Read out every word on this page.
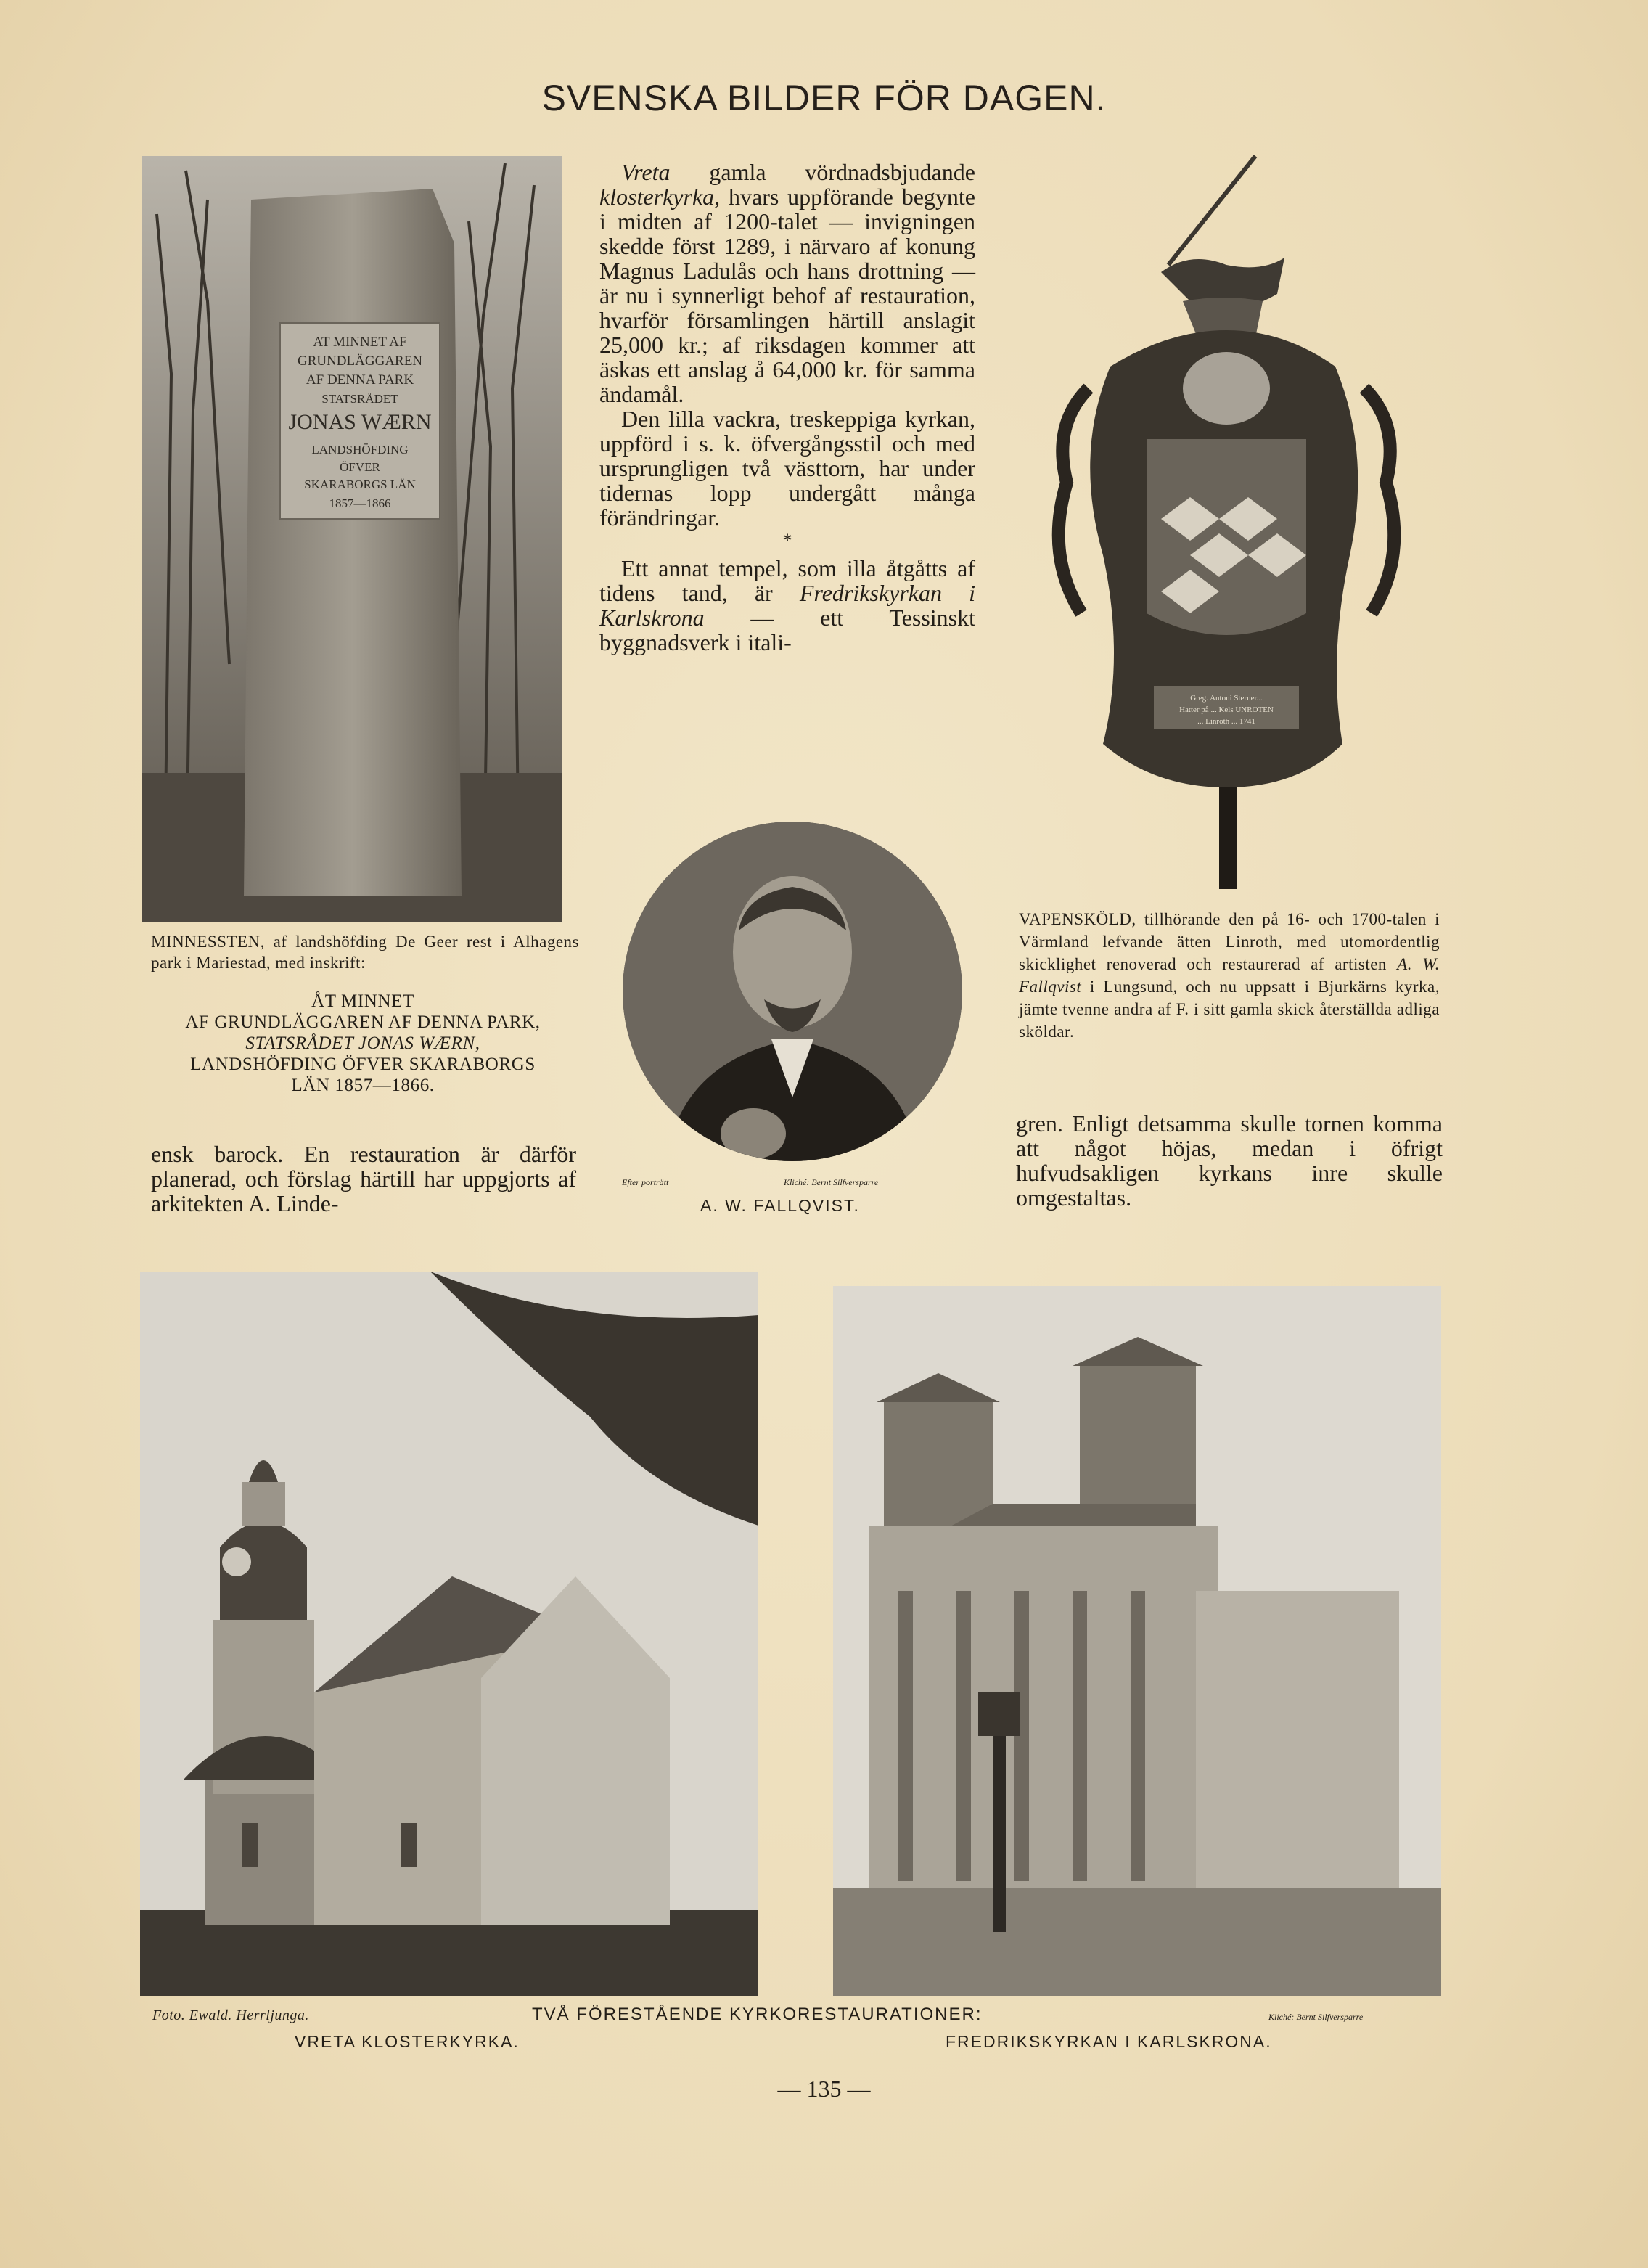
SVENSKA BILDER FÖR DAGEN.
AT MINNET AF
GRUNDLÄGGAREN
AF DENNA PARK
STATSRÅDET
JONAS WÆRN
LANDSHÖFDING
ÖFVER
SKARABORGS LÄN
1857—1866
MINNESSTEN, af landshöfding De Geer rest i Alhagens park i Mariestad, med inskrift:
ÅT MINNET
AF GRUNDLÄGGAREN AF DENNA PARK,
STATSRÅDET JONAS WÆRN,
LANDSHÖFDING ÖFVER SKARABORGS
LÄN 1857—1866.

Vreta gamla vördnadsbjudande klosterkyrka, hvars uppförande begynte i midten af 1200-talet — invigningen skedde först 1289, i närvaro af konung Magnus Ladulås och hans drottning — är nu i synnerligt behof af restauration, hvarför församlingen härtill anslagit 25,000 kr.; af riksdagen kommer att äskas ett anslag å 64,000 kr. för samma ändamål.

Den lilla vackra, treskeppiga kyrkan, uppförd i s. k. öfvergångsstil och med ursprungligen två västtorn, har under tidernas lopp undergått många förändringar.

*

Ett annat tempel, som illa åtgåtts af tidens tand, är Fredrikskyrkan i Karlskrona — ett Tessinskt byggnadsverk i itali-

Greg. Antoni Sterner...
Hatter på ... Kels UNROTEN
... Linroth ... 1741
Efter porträtt	Kliché: Bernt Silfversparre
A. W. FALLQVIST.
VAPENSKÖLD, tillhörande den på 16- och 1700-talen i Värmland lefvande ätten Linroth, med utomordentlig skicklighet renoverad och restaurerad af artisten A. W. Fallqvist i Lungsund, och nu uppsatt i Bjurkärns kyrka, jämte tvenne andra af F. i sitt gamla skick återställda adliga sköldar.
ensk barock. En restauration är därför planerad, och förslag härtill har uppgjorts af arkitekten A. Linde-
gren. Enligt detsamma skulle tornen komma att något höjas, medan i öfrigt hufvudsakligen kyrkans inre skulle omgestaltas.
Foto. Ewald. Herrljunga.	TVÅ FÖRESTÅENDE KYRKORESTAURATIONER:	Kliché: Bernt Silfversparre
VRETA KLOSTERKYRKA.	FREDRIKSKYRKAN I KARLSKRONA.
— 135 —
